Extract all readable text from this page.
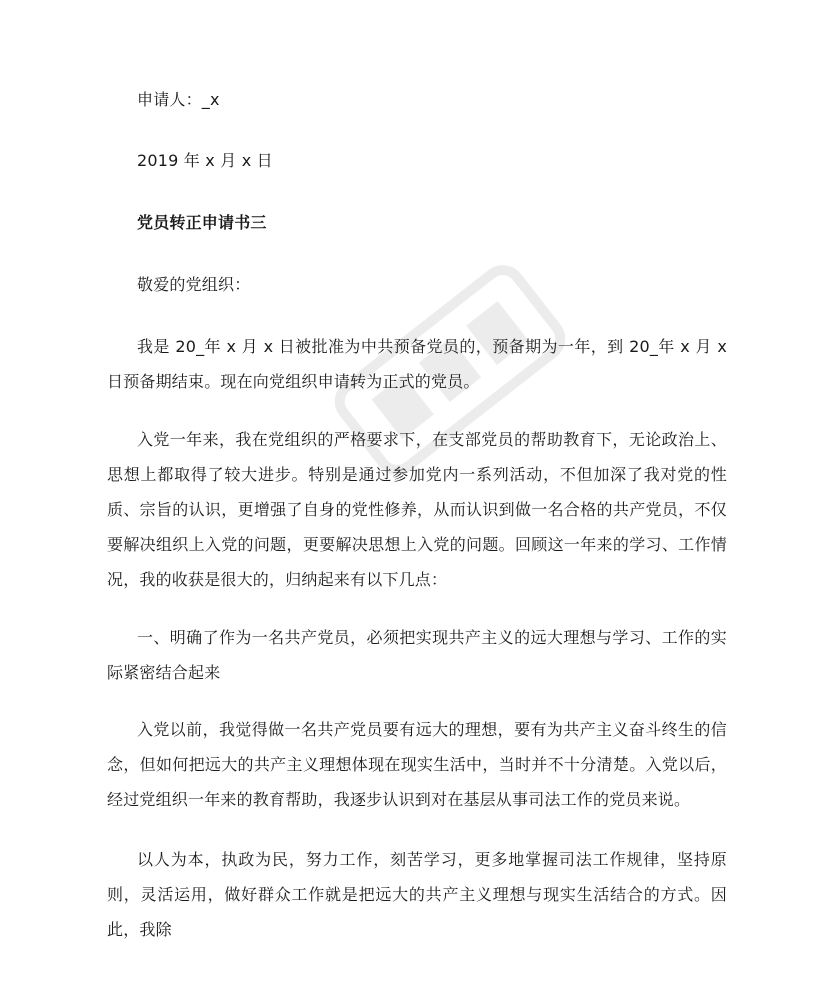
申请人：_x
2019 年 x 月 x 日
党员转正申请书三
敬爱的党组织：
我是 20_年 x 月 x 日被批准为中共预备党员的，预备期为一年，到 20_年 x 月 x 日预备期结束。现在向党组织申请转为正式的党员。
入党一年来，我在党组织的严格要求下，在支部党员的帮助教育下，无论政治上、思想上都取得了较大进步。特别是通过参加党内一系列活动，不但加深了我对党的性质、宗旨的认识，更增强了自身的党性修养，从而认识到做一名合格的共产党员，不仅要解决组织上入党的问题，更要解决思想上入党的问题。回顾这一年来的学习、工作情况，我的收获是很大的，归纳起来有以下几点：
一、明确了作为一名共产党员，必须把实现共产主义的远大理想与学习、工作的实际紧密结合起来
入党以前，我觉得做一名共产党员要有远大的理想，要有为共产主义奋斗终生的信念，但如何把远大的共产主义理想体现在现实生活中，当时并不十分清楚。入党以后，经过党组织一年来的教育帮助，我逐步认识到对在基层从事司法工作的党员来说。
以人为本，执政为民，努力工作，刻苦学习，更多地掌握司法工作规律，坚持原则，灵活运用，做好群众工作就是把远大的共产主义理想与现实生活结合的方式。因此，我除
